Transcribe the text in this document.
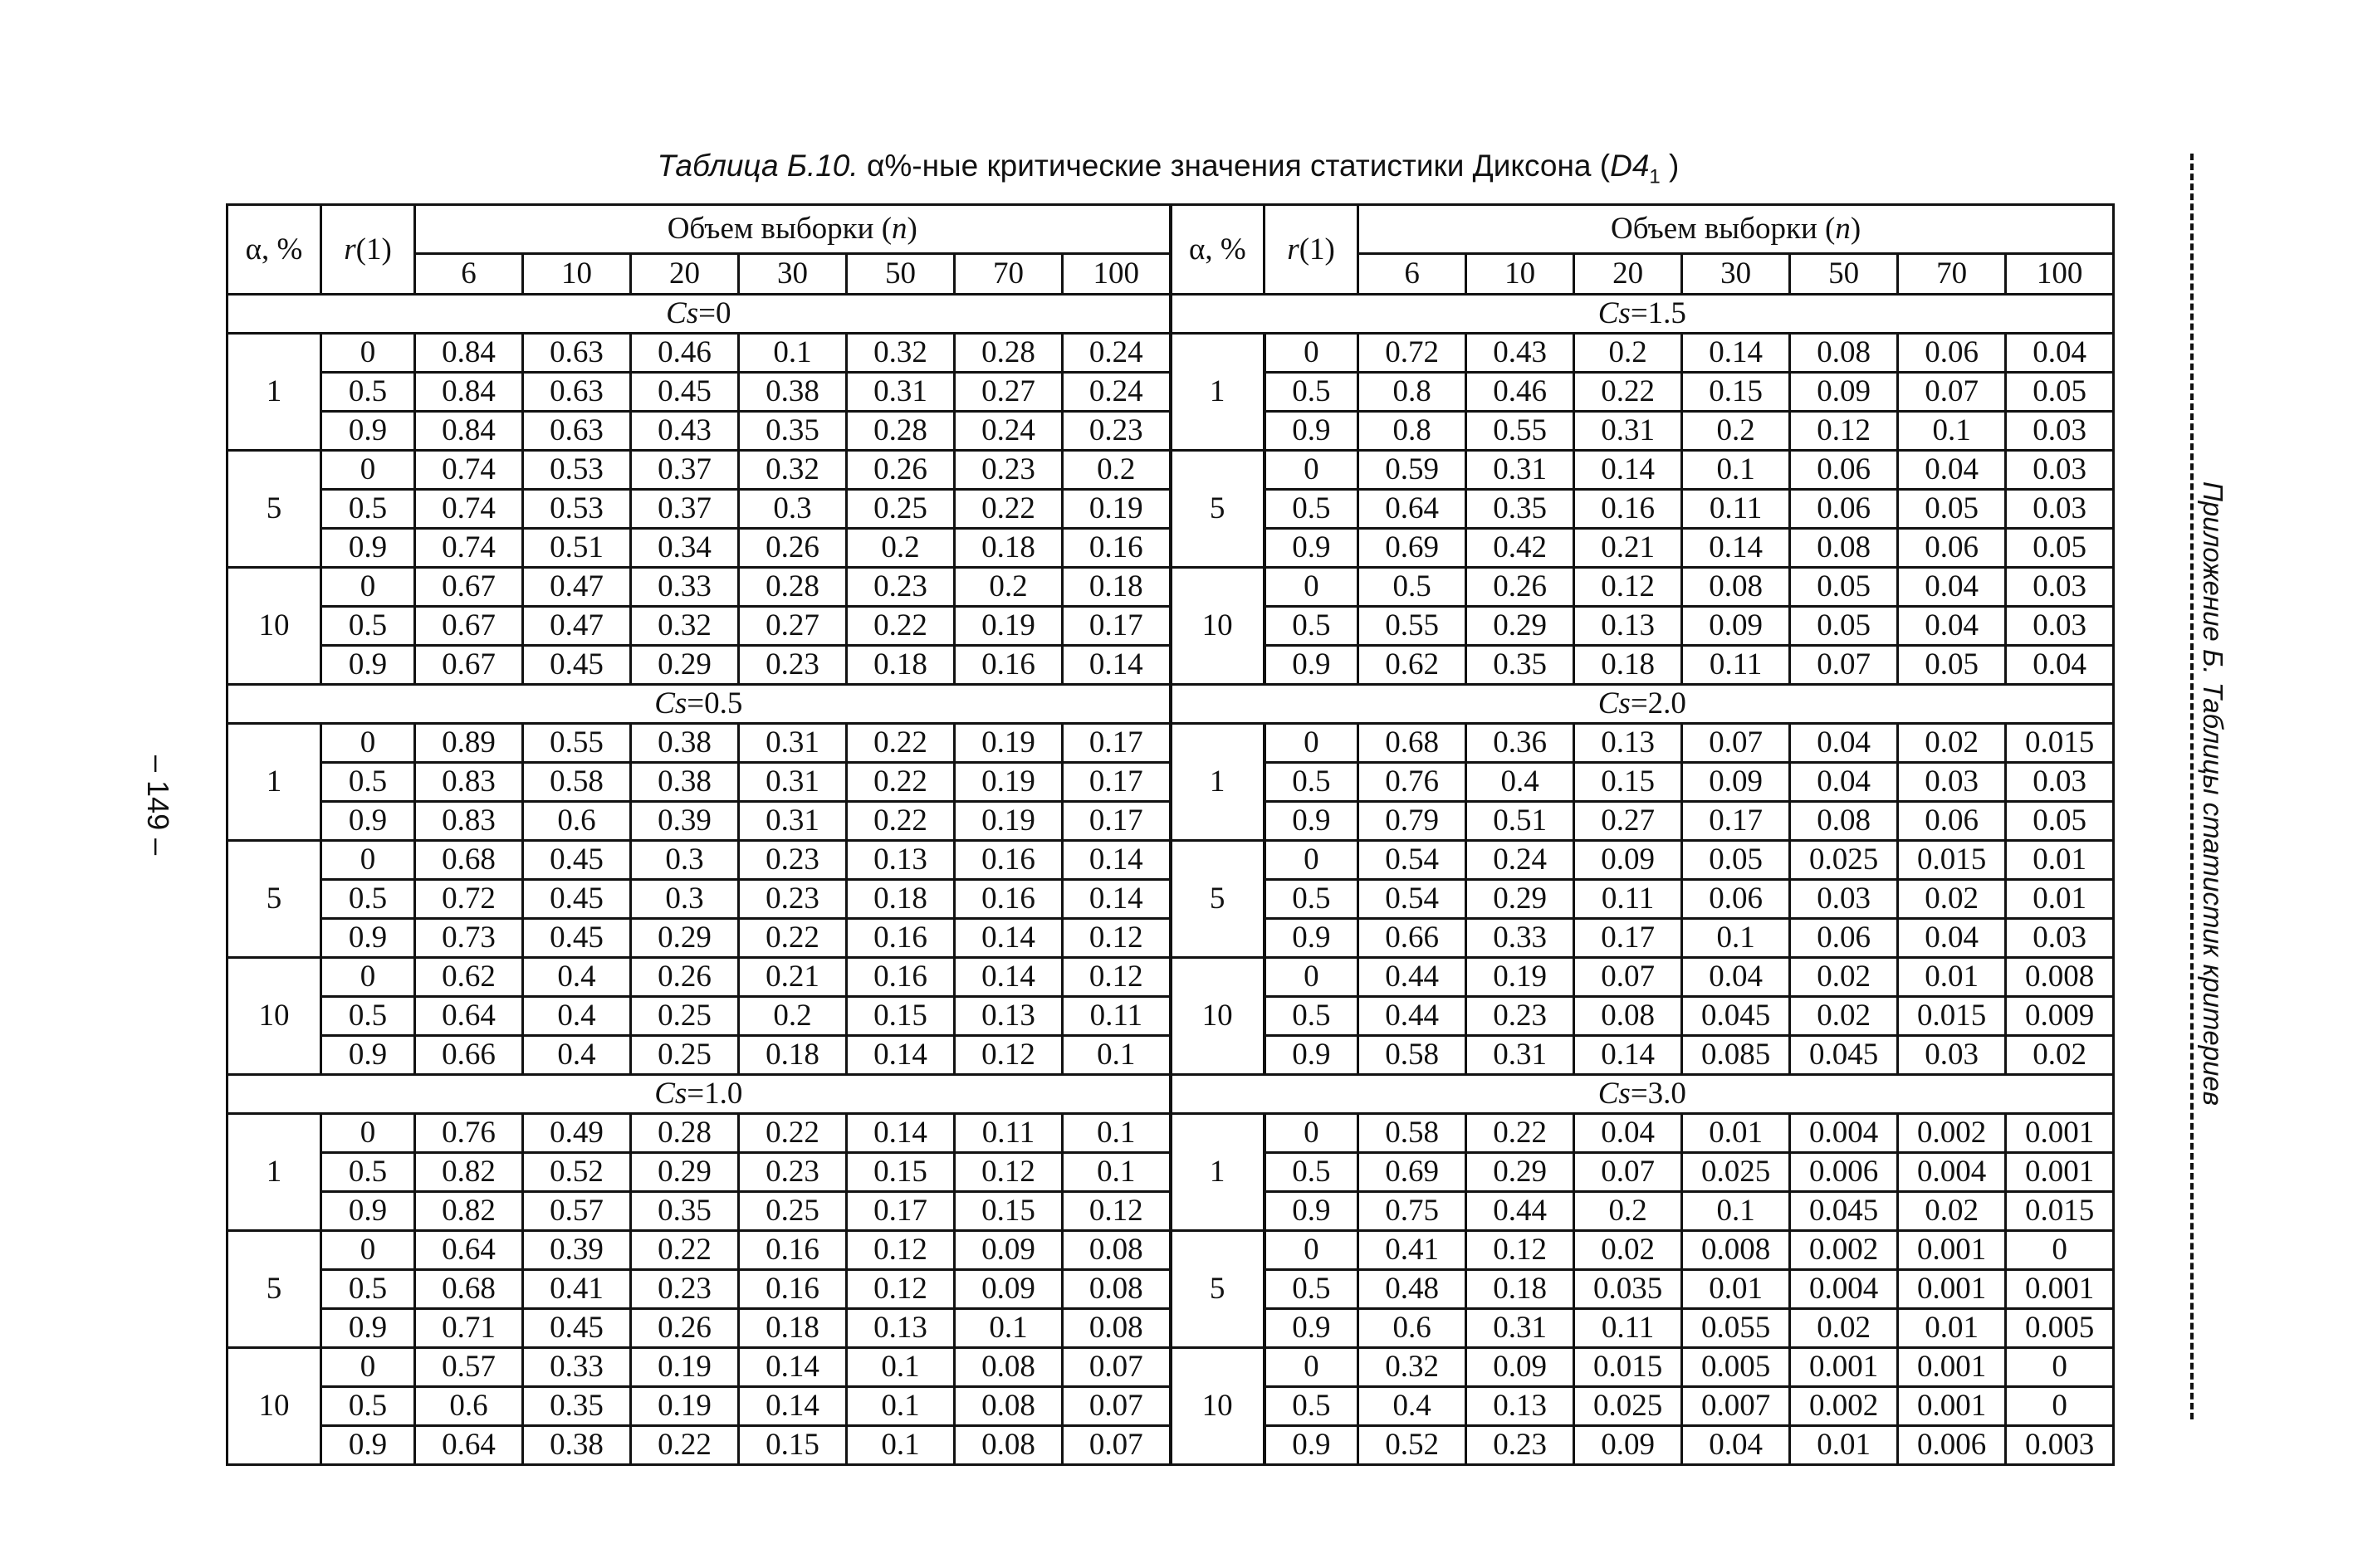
Таблица Б.10. α%-ные критические значения статистики Диксона ($D4_1$ )
α, %	r(1)	Объем выборки (n)							α, %	r(1)	Объем выборки (n)						
		6	10	20	30	50	70	100			6	10	20	30	50	70	100
Cs=0									Cs=1.5								
1	0	0.84	0.63	0.46	0.1	0.32	0.28	0.24	1	0	0.72	0.43	0.2	0.14	0.08	0.06	0.04
	0.5	0.84	0.63	0.45	0.38	0.31	0.27	0.24		0.5	0.8	0.46	0.22	0.15	0.09	0.07	0.05
	0.9	0.84	0.63	0.43	0.35	0.28	0.24	0.23		0.9	0.8	0.55	0.31	0.2	0.12	0.1	0.03
5	0	0.74	0.53	0.37	0.32	0.26	0.23	0.2	5	0	0.59	0.31	0.14	0.1	0.06	0.04	0.03
	0.5	0.74	0.53	0.37	0.3	0.25	0.22	0.19		0.5	0.64	0.35	0.16	0.11	0.06	0.05	0.03
	0.9	0.74	0.51	0.34	0.26	0.2	0.18	0.16		0.9	0.69	0.42	0.21	0.14	0.08	0.06	0.05
10	0	0.67	0.47	0.33	0.28	0.23	0.2	0.18	10	0	0.5	0.26	0.12	0.08	0.05	0.04	0.03
	0.5	0.67	0.47	0.32	0.27	0.22	0.19	0.17		0.5	0.55	0.29	0.13	0.09	0.05	0.04	0.03
	0.9	0.67	0.45	0.29	0.23	0.18	0.16	0.14		0.9	0.62	0.35	0.18	0.11	0.07	0.05	0.04
Cs=0.5									Cs=2.0								
1	0	0.89	0.55	0.38	0.31	0.22	0.19	0.17	1	0	0.68	0.36	0.13	0.07	0.04	0.02	0.015
	0.5	0.83	0.58	0.38	0.31	0.22	0.19	0.17		0.5	0.76	0.4	0.15	0.09	0.04	0.03	0.03
	0.9	0.83	0.6	0.39	0.31	0.22	0.19	0.17		0.9	0.79	0.51	0.27	0.17	0.08	0.06	0.05
5	0	0.68	0.45	0.3	0.23	0.13	0.16	0.14	5	0	0.54	0.24	0.09	0.05	0.025	0.015	0.01
	0.5	0.72	0.45	0.3	0.23	0.18	0.16	0.14		0.5	0.54	0.29	0.11	0.06	0.03	0.02	0.01
	0.9	0.73	0.45	0.29	0.22	0.16	0.14	0.12		0.9	0.66	0.33	0.17	0.1	0.06	0.04	0.03
10	0	0.62	0.4	0.26	0.21	0.16	0.14	0.12	10	0	0.44	0.19	0.07	0.04	0.02	0.01	0.008
	0.5	0.64	0.4	0.25	0.2	0.15	0.13	0.11		0.5	0.44	0.23	0.08	0.045	0.02	0.015	0.009
	0.9	0.66	0.4	0.25	0.18	0.14	0.12	0.1		0.9	0.58	0.31	0.14	0.085	0.045	0.03	0.02
Cs=1.0									Cs=3.0								
1	0	0.76	0.49	0.28	0.22	0.14	0.11	0.1	1	0	0.58	0.22	0.04	0.01	0.004	0.002	0.001
	0.5	0.82	0.52	0.29	0.23	0.15	0.12	0.1		0.5	0.69	0.29	0.07	0.025	0.006	0.004	0.001
	0.9	0.82	0.57	0.35	0.25	0.17	0.15	0.12		0.9	0.75	0.44	0.2	0.1	0.045	0.02	0.015
5	0	0.64	0.39	0.22	0.16	0.12	0.09	0.08	5	0	0.41	0.12	0.02	0.008	0.002	0.001	0
	0.5	0.68	0.41	0.23	0.16	0.12	0.09	0.08		0.5	0.48	0.18	0.035	0.01	0.004	0.001	0.001
	0.9	0.71	0.45	0.26	0.18	0.13	0.1	0.08		0.9	0.6	0.31	0.11	0.055	0.02	0.01	0.005
10	0	0.57	0.33	0.19	0.14	0.1	0.08	0.07	10	0	0.32	0.09	0.015	0.005	0.001	0.001	0
	0.5	0.6	0.35	0.19	0.14	0.1	0.08	0.07		0.5	0.4	0.13	0.025	0.007	0.002	0.001	0
	0.9	0.64	0.38	0.22	0.15	0.1	0.08	0.07		0.9	0.52	0.23	0.09	0.04	0.01	0.006	0.003
– 149 –	Приложение Б. Таблицы статистик критериев
